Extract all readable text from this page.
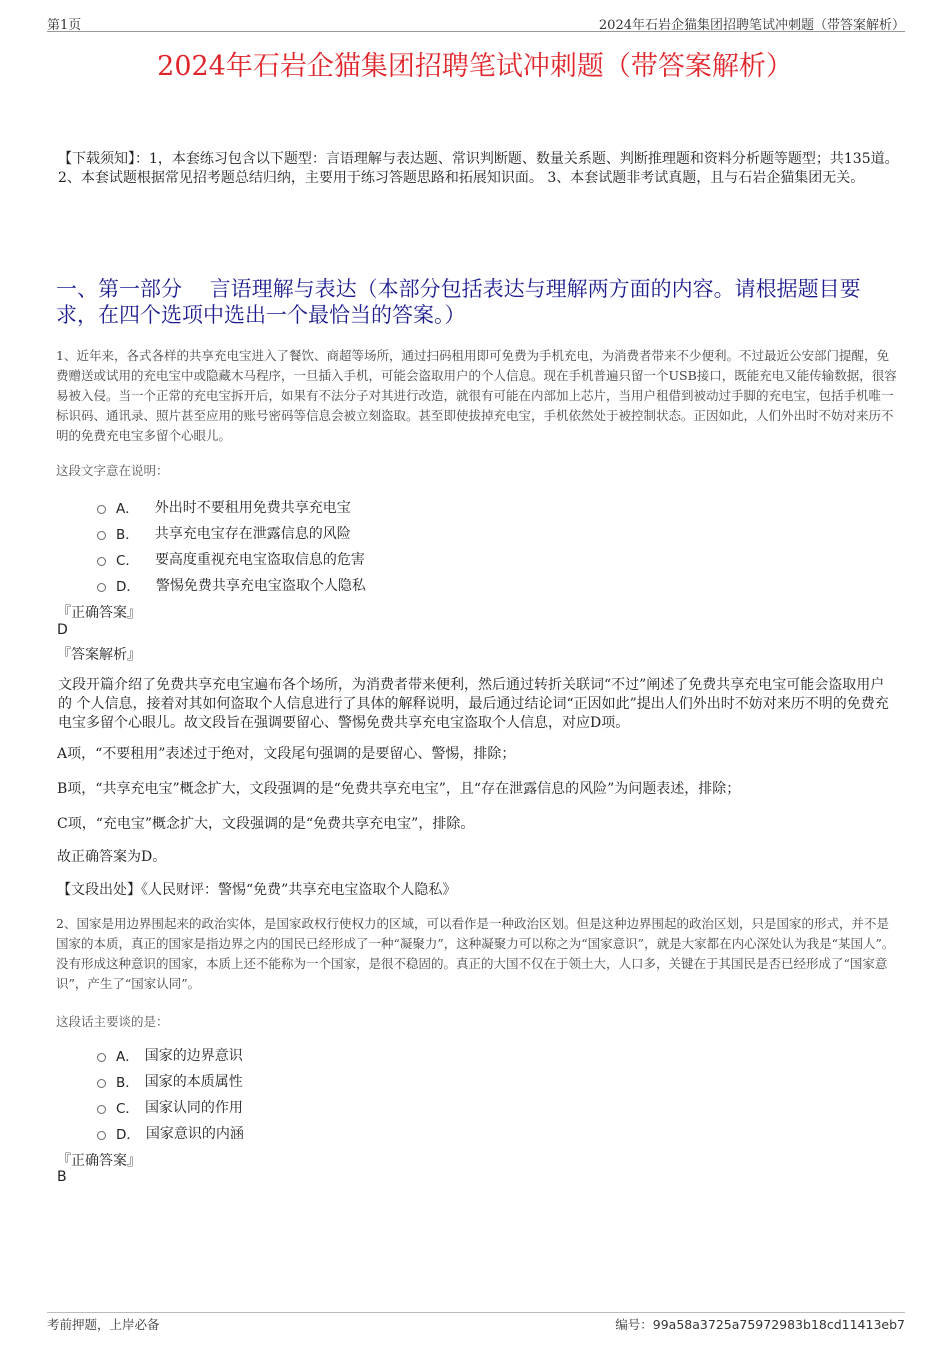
第1页	2024年石岩企猫集团招聘笔试冲刺题（带答案解析）
2024年石岩企猫集团招聘笔试冲刺题（带答案解析）
【下载须知】：1，本套练习包含以下题型：言语理解与表达题、常识判断题、数量关系题、判断推理题和资料分析题等题型；共135道。 2、本套试题根据常见招考题总结归纳，主要用于练习答题思路和拓展知识面。 3、本套试题非考试真题，且与石岩企猫集团无关。
一、第一部分　 言语理解与表达（本部分包括表达与理解两方面的内容。请根据题目要求，在四个选项中选出一个最恰当的答案。）
1、近年来，各式各样的共享充电宝进入了餐饮、商超等场所，通过扫码租用即可免费为手机充电，为消费者带来不少便利。不过最近公安部门提醒，免费赠送或试用的充电宝中或隐藏木马程序，一旦插入手机，可能会盗取用户的个人信息。现在手机普遍只留一个USB接口，既能充电又能传输数据，很容易被入侵。当一个正常的充电宝拆开后，如果有不法分子对其进行改造，就很有可能在内部加上芯片，当用户租借到被动过手脚的充电宝，包括手机唯一标识码、通讯录、照片甚至应用的账号密码等信息会被立刻盗取。甚至即使拔掉充电宝，手机依然处于被控制状态。正因如此，人们外出时不妨对来历不明的免费充电宝多留个心眼儿。
这段文字意在说明：
A． 外出时不要租用免费共享充电宝
B． 共享充电宝存在泄露信息的风险
C． 要高度重视充电宝盗取信息的危害
D． 警惕免费共享充电宝盗取个人隐私
『正确答案』
D
『答案解析』
文段开篇介绍了免费共享充电宝遍布各个场所，为消费者带来便利，然后通过转折关联词“不过”阐述了免费共享充电宝可能会盗取用户 的 个人信息，接着对其如何盗取个人信息进行了具体的解释说明，最后通过结论词“正因如此”提出人们外出时不妨对来历不明的免费充电宝多留个心眼儿。故文段旨在强调要留心、警惕免费共享充电宝盗取个人信息，对应D项。
A项，“不要租用”表述过于绝对，文段尾句强调的是要留心、警惕，排除；
B项，“共享充电宝”概念扩大，文段强调的是“免费共享充电宝”，且“存在泄露信息的风险”为问题表述，排除；
C项，“充电宝”概念扩大，文段强调的是“免费共享充电宝”，排除。
故正确答案为D。
【文段出处】《人民财评：警惕“免费”共享充电宝盗取个人隐私》
2、国家是用边界围起来的政治实体，是国家政权行使权力的区域，可以看作是一种政治区划。但是这种边界围起的政治区划，只是国家的形式，并不是国家的本质，真正的国家是指边界之内的国民已经形成了一种“凝聚力”，这种凝聚力可以称之为“国家意识”，就是大家都在内心深处认为我是“某国人”。没有形成这种意识的国家，本质上还不能称为一个国家，是很不稳固的。真正的大国不仅在于领土大，人口多，关键在于其国民是否已经形成了“国家意识”，产生了“国家认同”。
这段话主要谈的是：
A． 国家的边界意识
B． 国家的本质属性
C． 国家认同的作用
D． 国家意识的内涵
『正确答案』
B
考前押题，上岸必备	编号：99a58a3725a75972983b18cd11413eb7
